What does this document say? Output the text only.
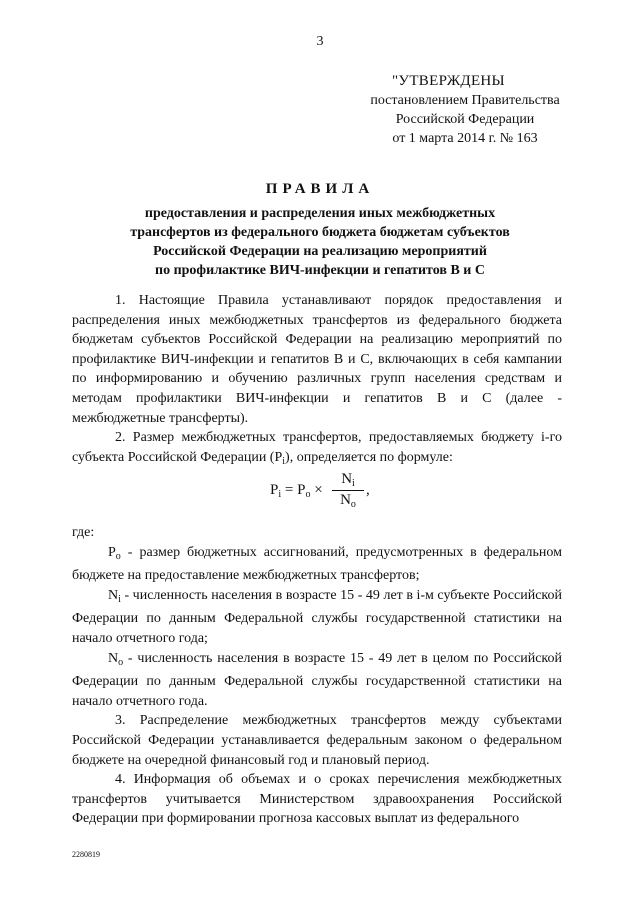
3
"УТВЕРЖДЕНЫ
постановлением Правительства
Российской Федерации
от 1 марта 2014 г. № 163
ПРАВИЛА
предоставления и распределения иных межбюджетных
трансфертов из федерального бюджета бюджетам субъектов
Российской Федерации на реализацию мероприятий
по профилактике ВИЧ-инфекции и гепатитов В и С

1. Настоящие Правила устанавливают порядок предоставления и распределения иных межбюджетных трансфертов из федерального бюджета бюджетам субъектов Российской Федерации на реализацию мероприятий по профилактике ВИЧ-инфекции и гепатитов В и С, включающих в себя кампании по информированию и обучению различных групп населения средствам и методам профилактики ВИЧ-инфекции и гепатитов В и С (далее - межбюджетные трансферты).

2. Размер межбюджетных трансфертов, предоставляемых бюджету i-го субъекта Российской Федерации $(P_i)$, определяется по формуле:

$P_i = P_o \times \frac{N_i}{N_o}$ ,

где:

$P_o$ - размер бюджетных ассигнований, предусмотренных в федеральном бюджете на предоставление межбюджетных трансфертов;

$N_i$ - численность населения в возрасте 15 - 49 лет в i-м субъекте Российской Федерации по данным Федеральной службы государственной статистики на начало отчетного года;

$N_o$ - численность населения в возрасте 15 - 49 лет в целом по Российской Федерации по данным Федеральной службы государственной статистики на начало отчетного года.

3. Распределение межбюджетных трансфертов между субъектами Российской Федерации устанавливается федеральным законом о федеральном бюджете на очередной финансовый год и плановый период.

4. Информация об объемах и о сроках перечисления межбюджетных трансфертов учитывается Министерством здравоохранения Российской Федерации при формировании прогноза кассовых выплат из федерального

2280819
